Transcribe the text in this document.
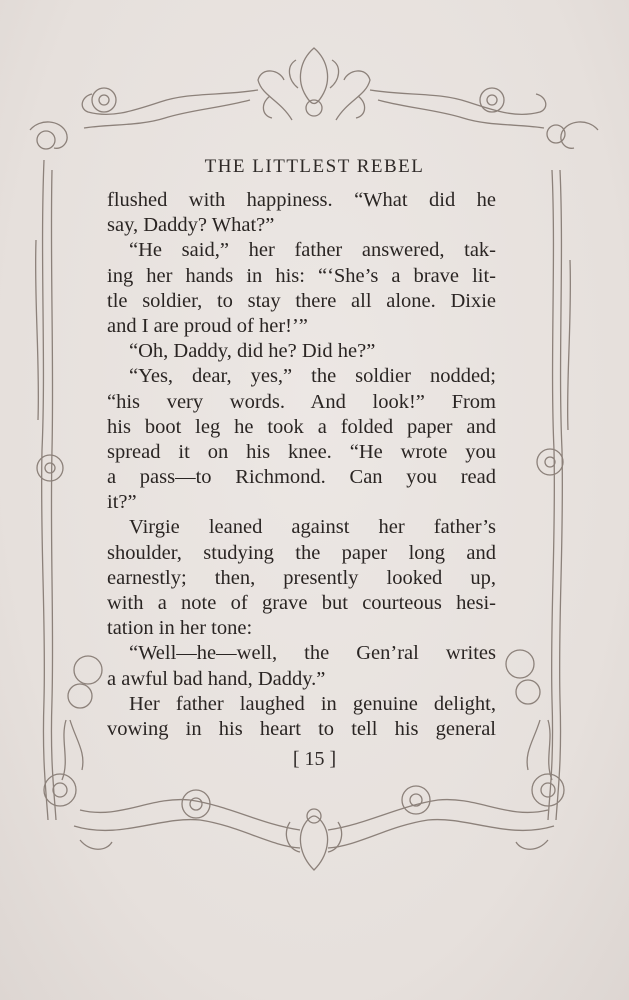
THE LITTLEST REBEL
flushed with happiness. “What did he
say, Daddy? What?”
“He said,” her father answered, tak-
ing her hands in his: “‘She’s a brave lit-
tle soldier, to stay there all alone. Dixie
and I are proud of her!’”
“Oh, Daddy, did he? Did he?”
“Yes, dear, yes,” the soldier nodded;
“his very words. And look!” From
his boot leg he took a folded paper and
spread it on his knee. “He wrote you
a pass—to Richmond. Can you read
it?”
Virgie leaned against her father’s
shoulder, studying the paper long and
earnestly; then, presently looked up,
with a note of grave but courteous hesi-
tation in her tone:
“Well—he—well, the Gen’ral writes
a awful bad hand, Daddy.”
Her father laughed in genuine delight,
vowing in his heart to tell his general
[ 15 ]
